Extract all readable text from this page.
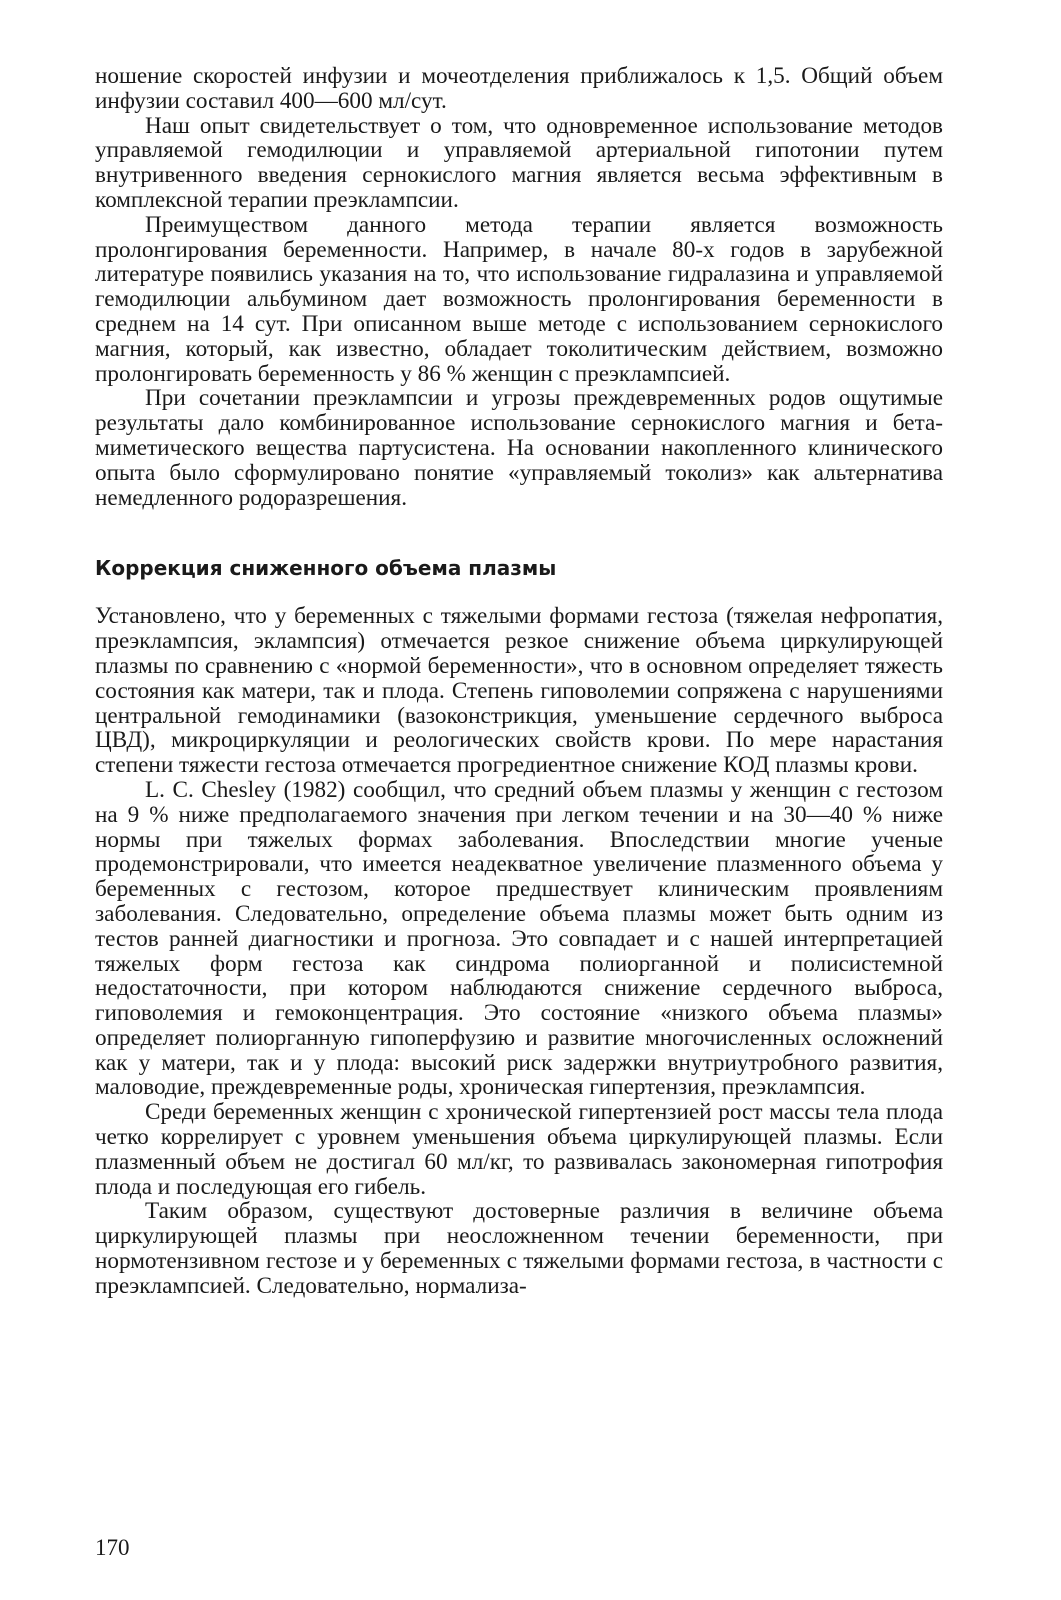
ношение скоростей инфузии и мочеотделения приближалось к 1,5. Общий объем инфузии составил 400—600 мл/сут.

Наш опыт свидетельствует о том, что одновременное использование методов управляемой гемодилюции и управляемой артериальной гипотонии путем внутривенного введения сернокислого магния является весьма эффективным в комплексной терапии преэклампсии.

Преимуществом данного метода терапии является возможность пролонгирования беременности. Например, в начале 80-х годов в зарубежной литературе появились указания на то, что использование гидралазина и управляемой гемодилюции альбумином дает возможность пролонгирования беременности в среднем на 14 сут. При описанном выше методе с использованием сернокислого магния, который, как известно, обладает токолитическим действием, возможно пролонгировать беременность у 86 % женщин с преэклампсией.

При сочетании преэклампсии и угрозы преждевременных родов ощутимые результаты дало комбинированное использование сернокислого магния и бета-миметического вещества партусистена. На основании накопленного клинического опыта было сформулировано понятие «управляемый токолиз» как альтернатива немедленного родоразрешения.

Коррекция сниженного объема плазмы

Установлено, что у беременных с тяжелыми формами гестоза (тяжелая нефропатия, преэклампсия, эклампсия) отмечается резкое снижение объема циркулирующей плазмы по сравнению с «нормой беременности», что в основном определяет тяжесть состояния как матери, так и плода. Степень гиповолемии сопряжена с нарушениями центральной гемодинамики (вазоконстрикция, уменьшение сердечного выброса ЦВД), микроциркуляции и реологических свойств крови. По мере нарастания степени тяжести гестоза отмечается прогредиентное снижение КОД плазмы крови.

L. C. Chesley (1982) сообщил, что средний объем плазмы у женщин с гестозом на 9 % ниже предполагаемого значения при легком течении и на 30—40 % ниже нормы при тяжелых формах заболевания. Впоследствии многие ученые продемонстрировали, что имеется неадекватное увеличение плазменного объема у беременных с гестозом, которое предшествует клиническим проявлениям заболевания. Следовательно, определение объема плазмы может быть одним из тестов ранней диагностики и прогноза. Это совпадает и с нашей интерпретацией тяжелых форм гестоза как синдрома полиорганной и полисистемной недостаточности, при котором наблюдаются снижение сердечного выброса, гиповолемия и гемоконцентрация. Это состояние «низкого объема плазмы» определяет полиорганную гипоперфузию и развитие многочисленных осложнений как у матери, так и у плода: высокий риск задержки внутриутробного развития, маловодие, преждевременные роды, хроническая гипертензия, преэклампсия.

Среди беременных женщин с хронической гипертензией рост массы тела плода четко коррелирует с уровнем уменьшения объема циркулирующей плазмы. Если плазменный объем не достигал 60 мл/кг, то развивалась закономерная гипотрофия плода и последующая его гибель.

Таким образом, существуют достоверные различия в величине объема циркулирующей плазмы при неосложненном течении беременности, при нормотензивном гестозе и у беременных с тяжелыми формами гестоза, в частности с преэклампсией. Следовательно, нормализа-

170
